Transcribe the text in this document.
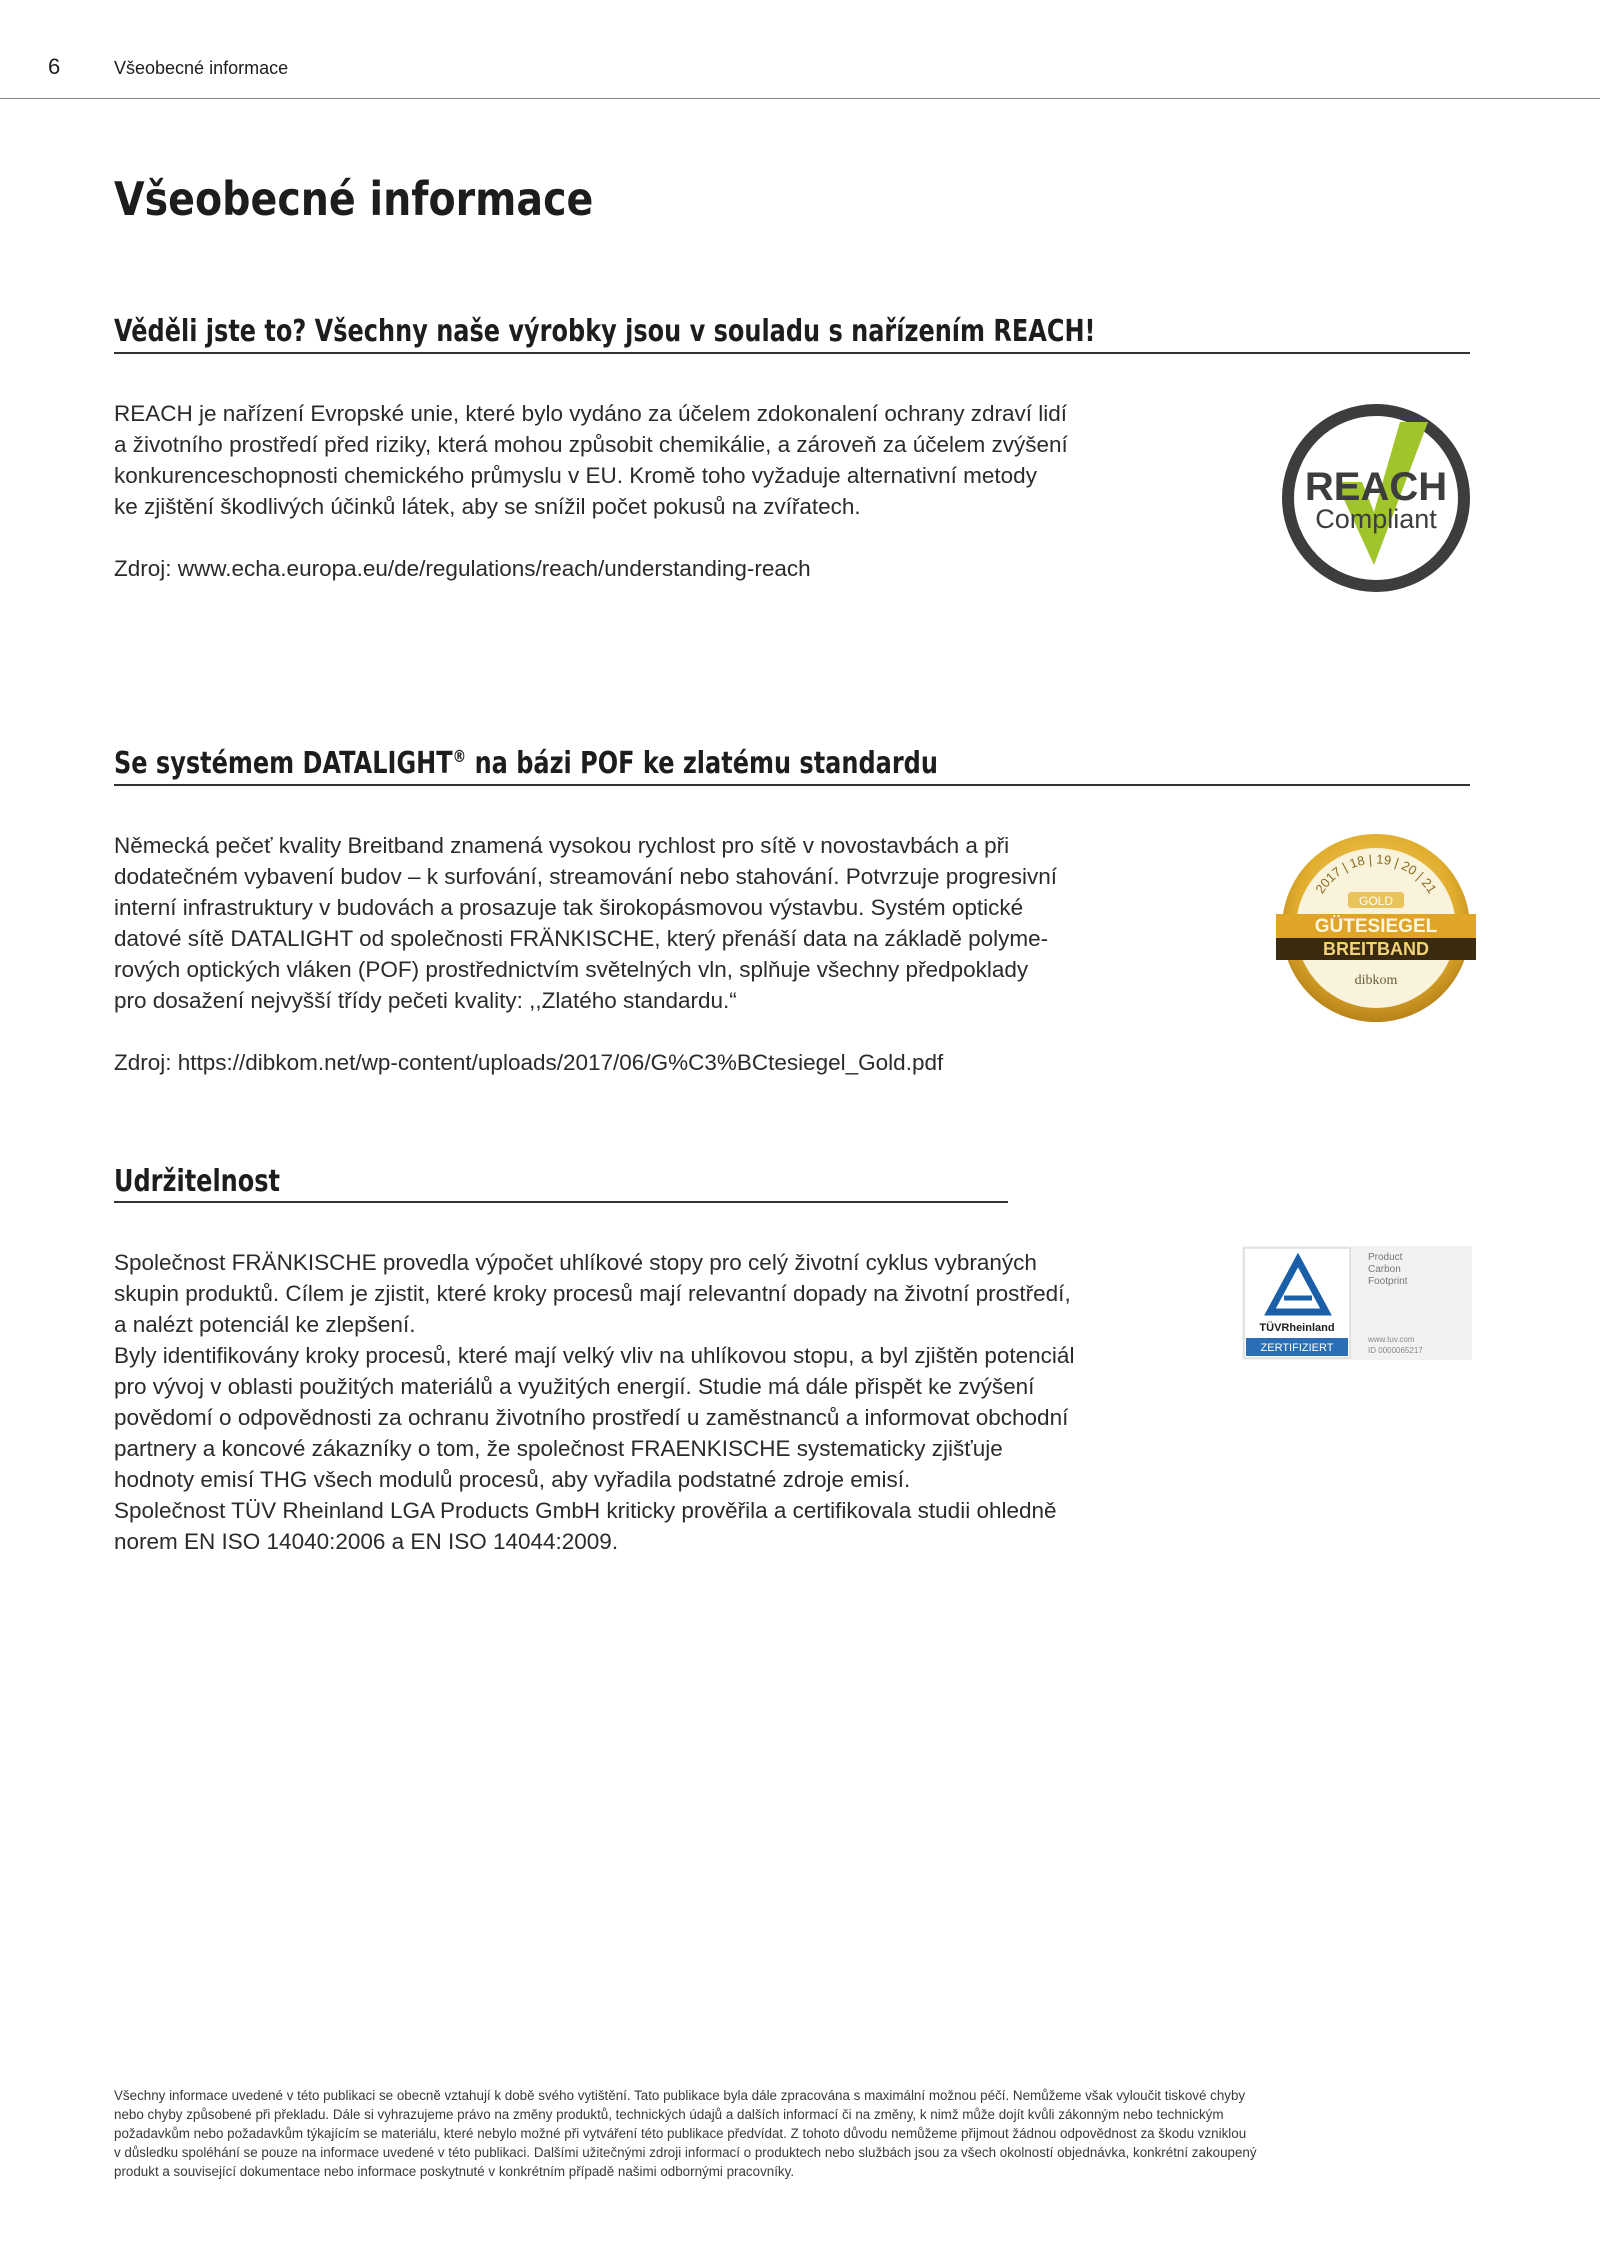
6	Všeobecné informace
Všeobecné informace
Věděli jste to? Všechny naše výrobky jsou v souladu s nařízením REACH!

REACH je nařízení Evropské unie, které bylo vydáno za účelem zdokonalení ochrany zdraví lidí

a životního prostředí před riziky, která mohou způsobit chemikálie, a zároveň za účelem zvýšení

konkurenceschopnosti chemického průmyslu v EU. Kromě toho vyžaduje alternativní metody

ke zjištění škodlivých účinků látek, aby se snížil počet pokusů na zvířatech.

Zdroj: www.echa.europa.eu/de/regulations/reach/understanding-reach
REACH
Compliant
Se systémem DATALIGHT® na bázi POF ke zlatému standardu

Německá pečeť kvality Breitband znamená vysokou rychlost pro sítě v novostavbách a při

dodatečném vybavení budov – k surfování, streamování nebo stahování. Potvrzuje progresivní

interní infrastruktury v budovách a prosazuje tak širokopásmovou výstavbu. Systém optické

datové sítě DATALIGHT od společnosti FRÄNKISCHE, který přenáší data na základě polyme-

rových optických vláken (POF) prostřednictvím světelných vln, splňuje všechny předpoklady

pro dosažení nejvyšší třídy pečeti kvality: ,,Zlatého standardu.“

Zdroj: https://dibkom.net/wp-content/uploads/2017/06/G%C3%BCtesiegel_Gold.pdf
2017 | 18 | 19 | 20 | 21
GOLD
GÜTESIEGEL
BREITBAND
dibkom
Udržitelnost

Společnost FRÄNKISCHE provedla výpočet uhlíkové stopy pro celý životní cyklus vybraných

skupin produktů. Cílem je zjistit, které kroky procesů mají relevantní dopady na životní prostředí,

a nalézt potenciál ke zlepšení.

Byly identifikovány kroky procesů, které mají velký vliv na uhlíkovou stopu, a byl zjištěn potenciál

pro vývoj v oblasti použitých materiálů a využitých energií. Studie má dále přispět ke zvýšení

povědomí o odpovědnosti za ochranu životního prostředí u zaměstnanců a informovat obchodní

partnery a koncové zákazníky o tom, že společnost FRAENKISCHE systematicky zjišťuje

hodnoty emisí THG všech modulů procesů, aby vyřadila podstatné zdroje emisí.

Společnost TÜV Rheinland LGA Products GmbH kriticky prověřila a certifikovala studii ohledně

norem EN ISO 14040:2006 a EN ISO 14044:2009.

TÜVRheinland
ZERTIFIZIERT
Product
Carbon
Footprint
www.tuv.com
ID 0000065217
Všechny informace uvedené v této publikaci se obecně vztahují k době svého vytištění. Tato publikace byla dále zpracována s maximální možnou péčí. Nemůžeme však vyloučit tiskové chyby
nebo chyby způsobené při překladu. Dále si vyhrazujeme právo na změny produktů, technických údajů a dalších informací či na změny, k nimž může dojít kvůli zákonným nebo technickým
požadavkům nebo požadavkům týkajícím se materiálu, které nebylo možné při vytváření této publikace předvídat. Z tohoto důvodu nemůžeme přijmout žádnou odpovědnost za škodu vzniklou
v důsledku spoléhání se pouze na informace uvedené v této publikaci. Dalšími užitečnými zdroji informací o produktech nebo službách jsou za všech okolností objednávka, konkrétní zakoupený
produkt a související dokumentace nebo informace poskytnuté v konkrétním případě našimi odbornými pracovníky.
